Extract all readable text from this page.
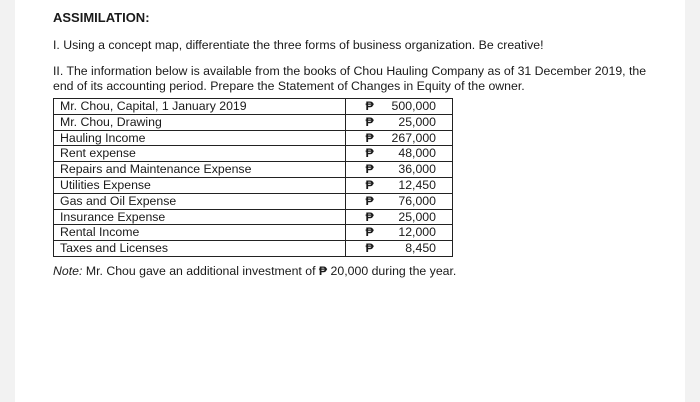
ASSIMILATION:
I. Using a concept map, differentiate the three forms of business organization. Be creative!
II. The information below is available from the books of Chou Hauling Company as of 31 December 2019, the end of its accounting period. Prepare the Statement of Changes in Equity of the owner.
Mr. Chou, Capital, 1 January 2019	₱ 500,000

Mr. Chou, Drawing	₱ 25,000

Hauling Income	₱ 267,000

Rent expense	₱ 48,000

Repairs and Maintenance Expense	₱ 36,000

Utilities Expense	₱ 12,450

Gas and Oil Expense	₱ 76,000

Insurance Expense	₱ 25,000

Rental Income	₱ 12,000

Taxes and Licenses	₱ 8,450
Note: Mr. Chou gave an additional investment of ₱ 20,000 during the year.
